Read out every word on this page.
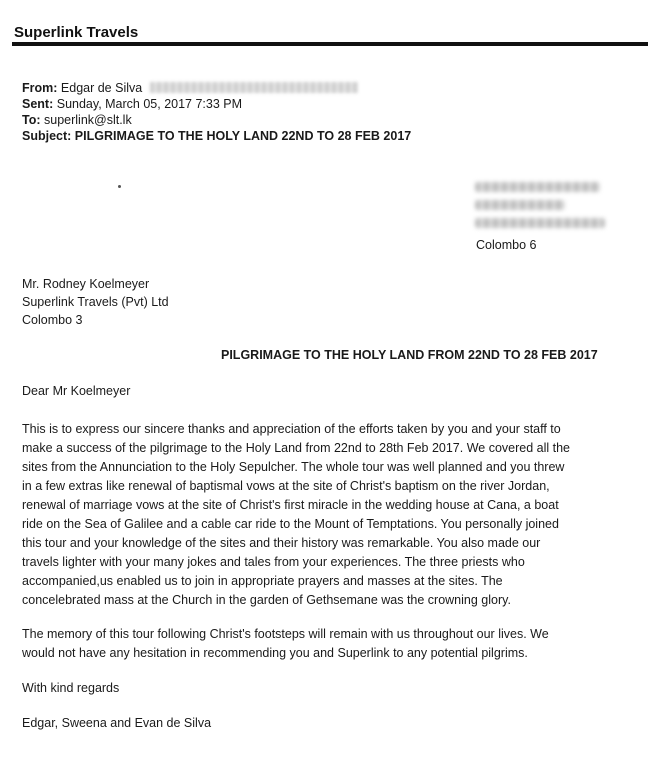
Superlink Travels
From: Edgar de Silva
Sent: Sunday, March 05, 2017 7:33 PM
To: superlink@slt.lk
Subject: PILGRIMAGE TO THE HOLY LAND 22ND TO 28 FEB 2017
Colombo 6
Mr. Rodney Koelmeyer
Superlink Travels (Pvt) Ltd
Colombo 3
PILGRIMAGE TO THE HOLY LAND FROM 22ND TO 28 FEB 2017
Dear Mr Koelmeyer
This is to express our sincere thanks and appreciation of the efforts taken by you and your staff to
make a success of the pilgrimage to the Holy Land from 22nd to 28th Feb 2017. We covered all the
sites from the Annunciation to the Holy Sepulcher. The whole tour was well planned and you threw
in a few extras like renewal of baptismal vows at the site of Christ's baptism on the river Jordan,
renewal of marriage vows at the site of Christ's first miracle in the wedding house at Cana, a boat
ride on the Sea of Galilee and a cable car ride to the Mount of Temptations. You personally joined
this tour and your knowledge of the sites and their history was remarkable. You also made our
travels lighter with your many jokes and tales from your experiences. The three priests who
accompanied,us enabled us to join in appropriate prayers and masses at the sites. The
concelebrated mass at the Church in the garden of Gethsemane was the crowning glory.
The memory of this tour following Christ's footsteps will remain with us throughout our lives. We
would not have any hesitation in recommending you and Superlink to any potential pilgrims.
With kind regards
Edgar, Sweena and Evan de Silva
